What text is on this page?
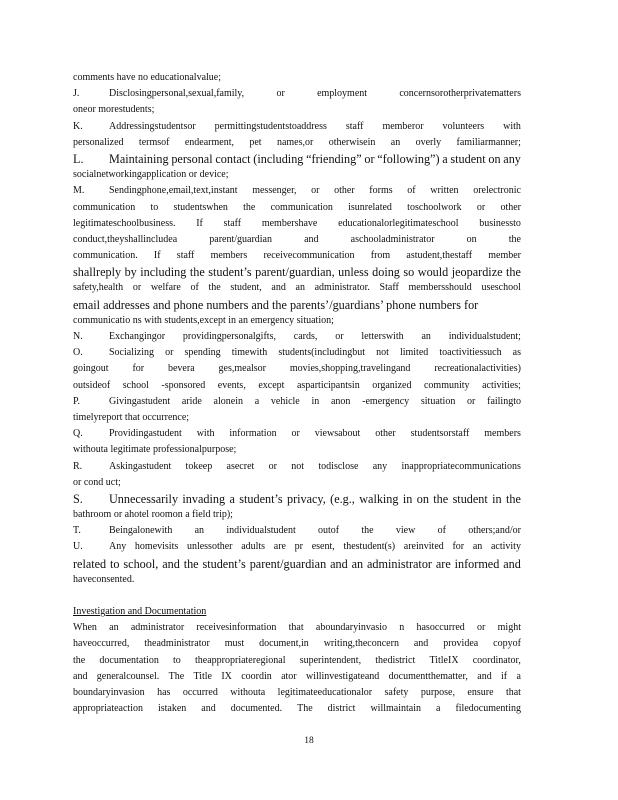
comments have no educationalvalue;
J.	Disclosingpersonal,sexual,family,	or	employment	concernsorotherprivatematters
oneor morestudents;
K.	Addressingstudentsor permittingstudentstoaddress staff memberor volunteers with
personalized termsof endearment, pet names,or otherwisein an overly familiarmanner;
L.	Maintaining personal contact (including “friending” or “following”) a student on any
socialnetworkingapplication or device;
M.	Sendingphone,email,text,instant messenger, or other forms of written orelectronic
communication to studentswhen the communication isunrelated toschoolwork or other
legitimateschoolbusiness. If staff membershave educationalorlegitimateschool businessto
conduct,theyshallincludea	parent/guardian	and	aschooladministrator	on	the
communication. If staff members receivecommunication from astudent,thestaff member
shallreply by including the student’s parent/guardian, unless doing so would jeopardize the
safety,health or welfare of the student, and an administrator. Staff membersshould useschool
email addresses and phone numbers and the parents’/guardians’ phone numbers for
communicatio ns with students,except in an emergency situation;
N.	Exchangingor providingpersonalgifts, cards, or letterswith an individualstudent;
O.	Socializing or spending timewith students(includingbut not limited toactivitiessuch as
goingout for bevera ges,mealsor movies,shopping,travelingand recreationalactivities)
outsideof school -sponsored events, except asparticipantsin organized community activities;
P.	Givingastudent aride alonein a vehicle in anon -emergency situation or failingto
timelyreport that occurrence;
Q.	Providingastudent with information or viewsabout other studentsorstaff members
withouta legitimate professionalpurpose;
R.	Askingastudent tokeep asecret or not todisclose any inappropriatecommunications
or cond uct;
S.	Unnecessarily invading a student’s privacy, (e.g., walking in on the student in the
bathroom or ahotel roomon a field trip);
T.	Beingalonewith an individualstudent outof the view of others;and/or
U.	Any homevisits unlessother adults are pr esent, thestudent(s) areinvited for an activity
related to school, and the student’s parent/guardian and an administrator are informed and
haveconsented.
Investigation and Documentation
When an administrator receivesinformation that aboundaryinvasio n hasoccurred or might
haveoccurred, theadministrator must document,in writing,theconcern and providea copyof
the documentation to theappropriateregional superintendent, thedistrict TitleIX coordinator,
and generalcounsel. The Title IX coordin ator willinvestigateand documentthematter, and if a
boundaryinvasion has occurred withouta legitimateeducationalor safety purpose, ensure that
appropriateaction istaken and documented. The district willmaintain a filedocumenting
18
